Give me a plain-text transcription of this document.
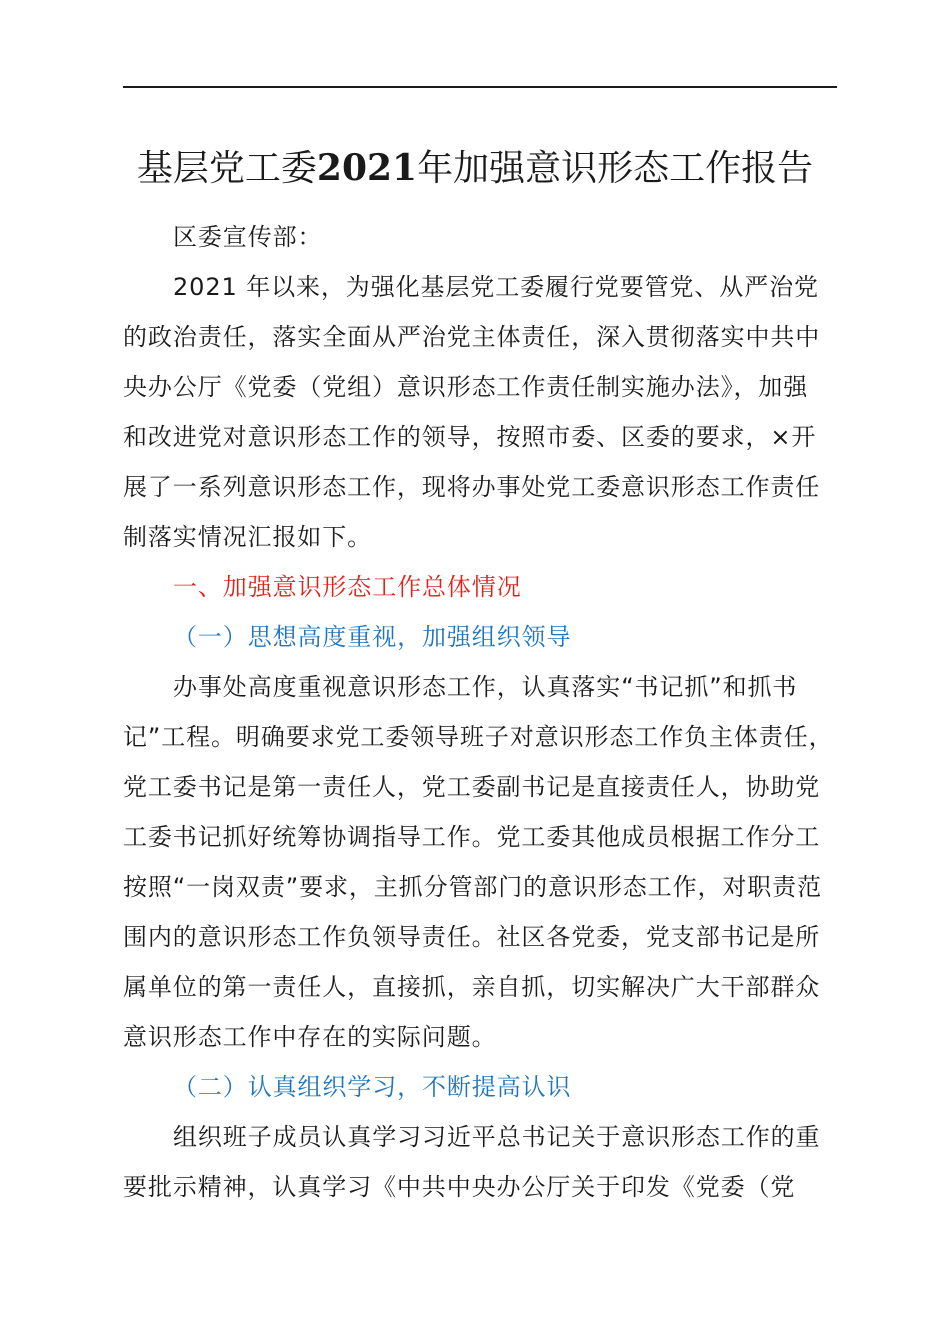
基层党工委2021年加强意识形态工作报告
区委宣传部：
2021 年以来，为强化基层党工委履行党要管党、从严治党
的政治责任，落实全面从严治党主体责任，深入贯彻落实中共中
央办公厅《党委（党组）意识形态工作责任制实施办法》，加强
和改进党对意识形态工作的领导，按照市委、区委的要求，×开
展了一系列意识形态工作，现将办事处党工委意识形态工作责任
制落实情况汇报如下。
一、加强意识形态工作总体情况
（一）思想高度重视，加强组织领导
办事处高度重视意识形态工作，认真落实“书记抓”和抓书
记”工程。明确要求党工委领导班子对意识形态工作负主体责任，
党工委书记是第一责任人，党工委副书记是直接责任人，协助党
工委书记抓好统筹协调指导工作。党工委其他成员根据工作分工
按照“一岗双责”要求，主抓分管部门的意识形态工作，对职责范
围内的意识形态工作负领导责任。社区各党委，党支部书记是所
属单位的第一责任人，直接抓，亲自抓，切实解决广大干部群众
意识形态工作中存在的实际问题。
（二）认真组织学习，不断提高认识
组织班子成员认真学习习近平总书记关于意识形态工作的重
要批示精神，认真学习《中共中央办公厅关于印发《党委（党
